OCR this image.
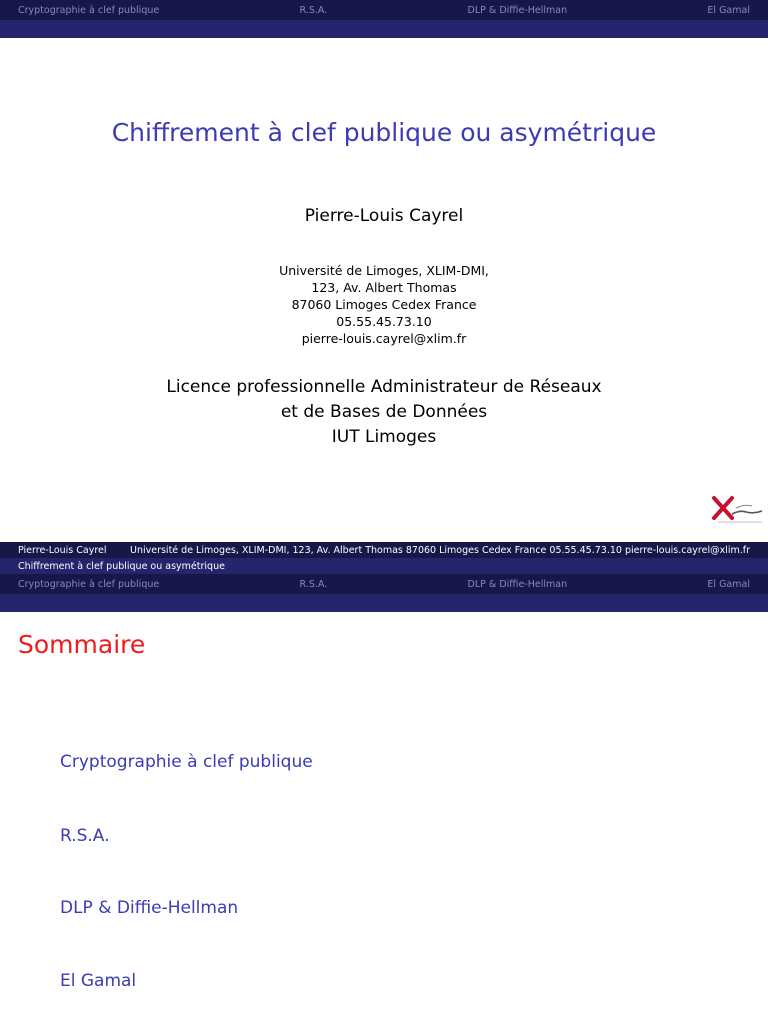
Cryptographie à clef publique	R.S.A.	DLP & Diffie-Hellman	El Gamal
Chiffrement à clef publique ou asymétrique
Pierre-Louis Cayrel
Université de Limoges, XLIM-DMI,
123, Av. Albert Thomas
87060 Limoges Cedex France
05.55.45.73.10
pierre-louis.cayrel@xlim.fr
Licence professionnelle Administrateur de Réseaux
et de Bases de Données
IUT Limoges
Pierre-Louis Cayrel	Université de Limoges, XLIM-DMI, 123, Av. Albert Thomas 87060 Limoges Cedex France 05.55.45.73.10 pierre-louis.cayrel@xlim.fr
Chiffrement à clef publique ou asymétrique
Cryptographie à clef publique	R.S.A.	DLP & Diffie-Hellman	El Gamal
Sommaire
Cryptographie à clef publique
R.S.A.
DLP & Diffie-Hellman
El Gamal
